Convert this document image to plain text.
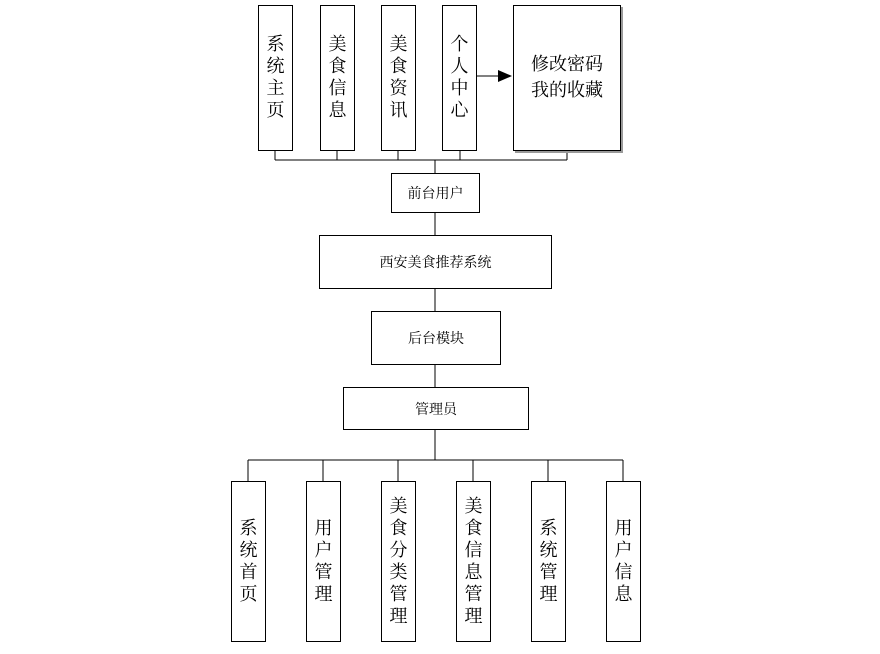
系统主页
美食信息
美食资讯
个人中心
修改密码
我的收藏
前台用户
西安美食推荐系统
后台模块
管理员
系统首页
用户管理
美食分类管理
美食信息管理
系统管理
用户信息
